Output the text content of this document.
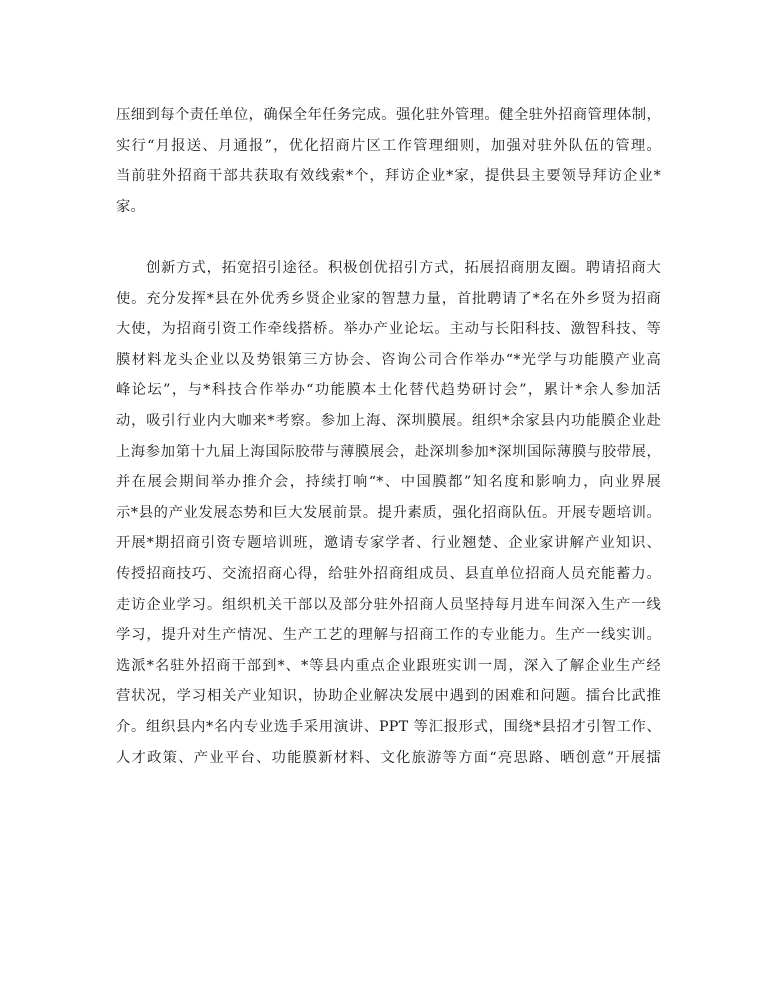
压细到每个责任单位，确保全年任务完成。强化驻外管理。健全驻外招商管理体制，
实行“月报送、月通报”，优化招商片区工作管理细则，加强对驻外队伍的管理。
当前驻外招商干部共获取有效线索*个，拜访企业*家，提供县主要领导拜访企业*
家。
创新方式，拓宽招引途径。积极创优招引方式，拓展招商朋友圈。聘请招商大
使。充分发挥*县在外优秀乡贤企业家的智慧力量，首批聘请了*名在外乡贤为招商
大使，为招商引资工作牵线搭桥。举办产业论坛。主动与长阳科技、激智科技、等
膜材料龙头企业以及势银第三方协会、咨询公司合作举办“*光学与功能膜产业高
峰论坛”，与*科技合作举办“功能膜本土化替代趋势研讨会”，累计*余人参加活
动，吸引行业内大咖来*考察。参加上海、深圳膜展。组织*余家县内功能膜企业赴
上海参加第十九届上海国际胶带与薄膜展会，赴深圳参加*深圳国际薄膜与胶带展，
并在展会期间举办推介会，持续打响“*、中国膜都”知名度和影响力，向业界展
示*县的产业发展态势和巨大发展前景。提升素质，强化招商队伍。开展专题培训。
开展*期招商引资专题培训班，邀请专家学者、行业翘楚、企业家讲解产业知识、
传授招商技巧、交流招商心得，给驻外招商组成员、县直单位招商人员充能蓄力。
走访企业学习。组织机关干部以及部分驻外招商人员坚持每月进车间深入生产一线
学习，提升对生产情况、生产工艺的理解与招商工作的专业能力。生产一线实训。
选派*名驻外招商干部到*、*等县内重点企业跟班实训一周，深入了解企业生产经
营状况，学习相关产业知识，协助企业解决发展中遇到的困难和问题。擂台比武推
介。组织县内*名内专业选手采用演讲、PPT 等汇报形式，围绕*县招才引智工作、
人才政策、产业平台、功能膜新材料、文化旅游等方面“亮思路、晒创意”开展擂
